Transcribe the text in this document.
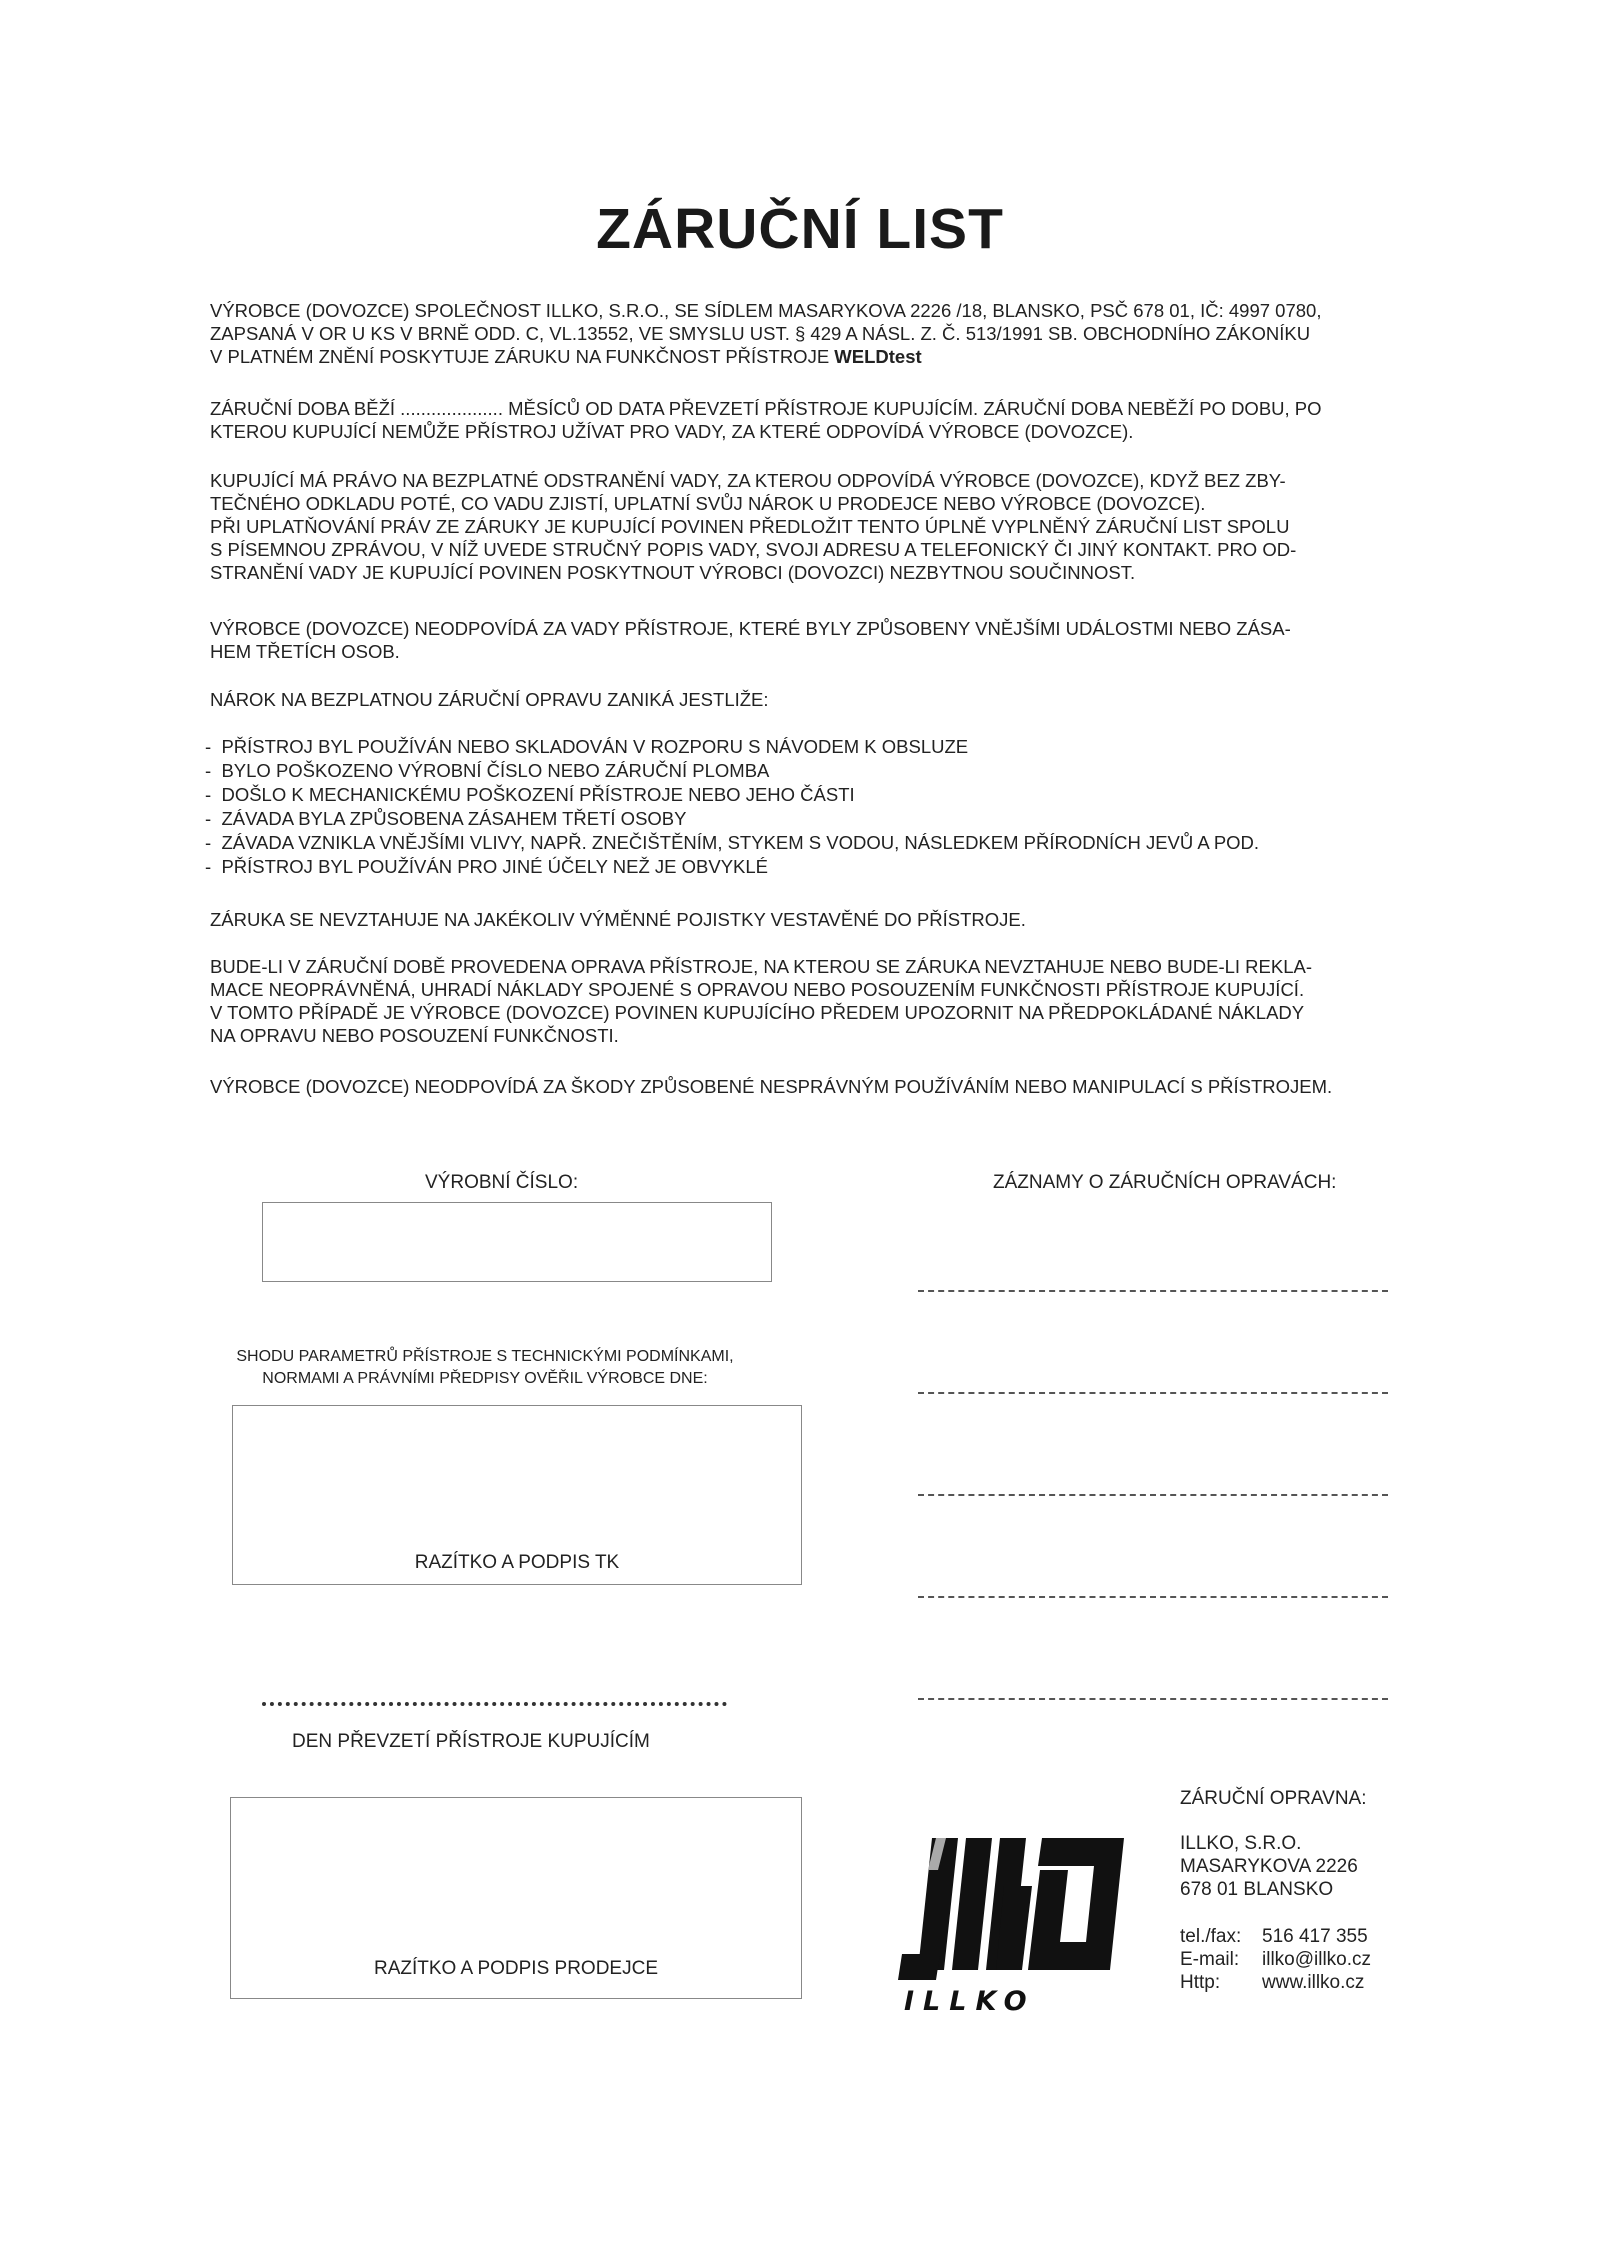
ZÁRUČNÍ LIST
VÝROBCE (DOVOZCE) SPOLEČNOST ILLKO, S.R.O., SE SÍDLEM MASARYKOVA 2226 /18, BLANSKO, PSČ 678 01, IČ: 4997 0780,
ZAPSANÁ V OR U KS V BRNĚ ODD. C, VL.13552, VE SMYSLU UST. § 429 A NÁSL. Z. Č. 513/1991 SB. OBCHODNÍHO ZÁKONÍKU
V PLATNÉM ZNĚNÍ POSKYTUJE ZÁRUKU NA FUNKČNOST PŘÍSTROJE WELDtest
ZÁRUČNÍ DOBA BĚŽÍ .................... MĚSÍCŮ OD DATA PŘEVZETÍ PŘÍSTROJE KUPUJÍCÍM. ZÁRUČNÍ DOBA NEBĚŽÍ PO DOBU, PO
KTEROU KUPUJÍCÍ NEMŮŽE PŘÍSTROJ UŽÍVAT PRO VADY, ZA KTERÉ ODPOVÍDÁ VÝROBCE (DOVOZCE).
KUPUJÍCÍ MÁ PRÁVO NA BEZPLATNÉ ODSTRANĚNÍ VADY, ZA KTEROU ODPOVÍDÁ VÝROBCE (DOVOZCE), KDYŽ BEZ ZBY-
TEČNÉHO ODKLADU POTÉ, CO VADU ZJISTÍ, UPLATNÍ SVŮJ NÁROK U PRODEJCE NEBO VÝROBCE (DOVOZCE).
PŘI UPLATŇOVÁNÍ PRÁV ZE ZÁRUKY JE KUPUJÍCÍ POVINEN PŘEDLOŽIT TENTO ÚPLNĚ VYPLNĚNÝ ZÁRUČNÍ LIST SPOLU
S PÍSEMNOU ZPRÁVOU, V NÍŽ UVEDE STRUČNÝ POPIS VADY, SVOJI ADRESU A TELEFONICKÝ ČI JINÝ KONTAKT. PRO OD-
STRANĚNÍ VADY JE KUPUJÍCÍ POVINEN POSKYTNOUT VÝROBCI (DOVOZCI) NEZBYTNOU SOUČINNOST.
VÝROBCE (DOVOZCE) NEODPOVÍDÁ ZA VADY PŘÍSTROJE, KTERÉ BYLY ZPŮSOBENY VNĚJŠÍMI UDÁLOSTMI NEBO ZÁSA-
HEM TŘETÍCH OSOB.
NÁROK NA BEZPLATNOU ZÁRUČNÍ OPRAVU ZANIKÁ JESTLIŽE:
- PŘÍSTROJ BYL POUŽÍVÁN NEBO SKLADOVÁN V ROZPORU S NÁVODEM K OBSLUZE
- BYLO POŠKOZENO VÝROBNÍ ČÍSLO NEBO ZÁRUČNÍ PLOMBA
- DOŠLO K MECHANICKÉMU POŠKOZENÍ PŘÍSTROJE NEBO JEHO ČÁSTI
- ZÁVADA BYLA ZPŮSOBENA ZÁSAHEM TŘETÍ OSOBY
- ZÁVADA VZNIKLA VNĚJŠÍMI VLIVY, NAPŘ. ZNEČIŠTĚNÍM, STYKEM S VODOU, NÁSLEDKEM PŘÍRODNÍCH JEVŮ A POD.
- PŘÍSTROJ BYL POUŽÍVÁN PRO JINÉ ÚČELY NEŽ JE OBVYKLÉ
ZÁRUKA SE NEVZTAHUJE NA JAKÉKOLIV VÝMĚNNÉ POJISTKY VESTAVĚNÉ DO PŘÍSTROJE.
BUDE-LI V ZÁRUČNÍ DOBĚ PROVEDENA OPRAVA PŘÍSTROJE, NA KTEROU SE ZÁRUKA NEVZTAHUJE NEBO BUDE-LI REKLA-
MACE NEOPRÁVNĚNÁ, UHRADÍ NÁKLADY SPOJENÉ S OPRAVOU NEBO POSOUZENÍM FUNKČNOSTI PŘÍSTROJE KUPUJÍCÍ.
V TOMTO PŘÍPADĚ JE VÝROBCE (DOVOZCE) POVINEN KUPUJÍCÍHO PŘEDEM UPOZORNIT NA PŘEDPOKLÁDANÉ NÁKLADY
NA OPRAVU NEBO POSOUZENÍ FUNKČNOSTI.
VÝROBCE (DOVOZCE) NEODPOVÍDÁ ZA ŠKODY ZPŮSOBENÉ NESPRÁVNÝM POUŽÍVÁNÍM NEBO MANIPULACÍ S PŘÍSTROJEM.
VÝROBNÍ ČÍSLO:	ZÁZNAMY O ZÁRUČNÍCH OPRAVÁCH:
SHODU PARAMETRŮ PŘÍSTROJE S TECHNICKÝMI PODMÍNKAMI,
NORMAMI A PRÁVNÍMI PŘEDPISY OVĚŘIL VÝROBCE DNE:
RAZÍTKO A PODPIS TK
DEN PŘEVZETÍ PŘÍSTROJE KUPUJÍCÍM
RAZÍTKO A PODPIS PRODEJCE
ILLKO
ZÁRUČNÍ OPRAVNA:
ILLKO, S.R.O.
MASARYKOVA 2226
678 01 BLANSKO
tel./fax: 516 417 355
E-mail: illko@illko.cz
Http: www.illko.cz
